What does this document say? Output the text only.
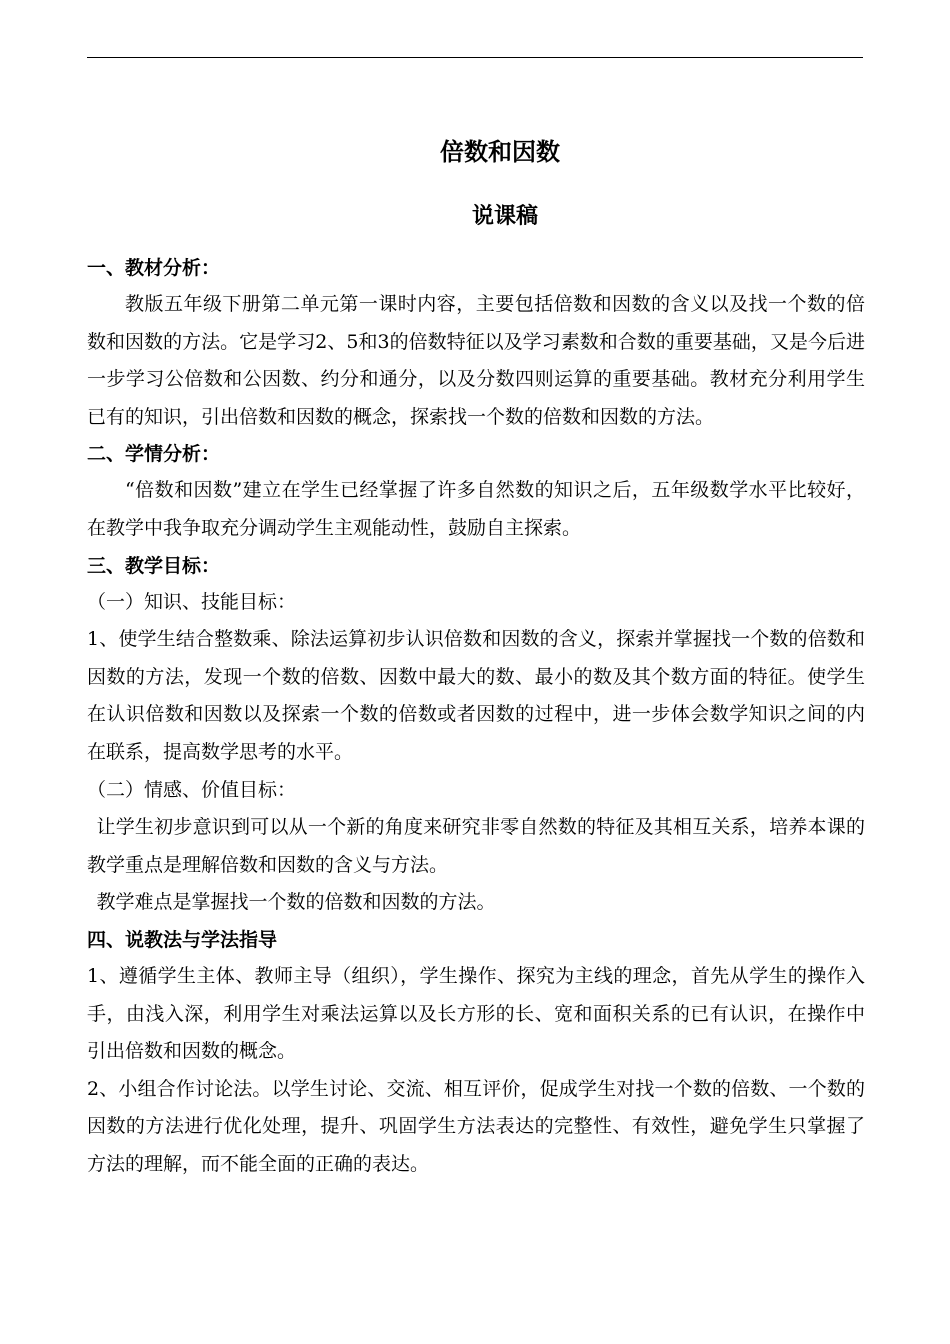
倍数和因数
说课稿
一、教材分析：
教版五年级下册第二单元第一课时内容，主要包括倍数和因数的含义以及找一个数的倍数和因数的方法。它是学习2、5和3的倍数特征以及学习素数和合数的重要基础，又是今后进一步学习公倍数和公因数、约分和通分，以及分数四则运算的重要基础。教材充分利用学生已有的知识，引出倍数和因数的概念，探索找一个数的倍数和因数的方法。
二、学情分析：
“倍数和因数”建立在学生已经掌握了许多自然数的知识之后，五年级数学水平比较好，在教学中我争取充分调动学生主观能动性，鼓励自主探索。
三、教学目标：
（一）知识、技能目标：
1、使学生结合整数乘、除法运算初步认识倍数和因数的含义，探索并掌握找一个数的倍数和因数的方法，发现一个数的倍数、因数中最大的数、最小的数及其个数方面的特征。使学生在认识倍数和因数以及探索一个数的倍数或者因数的过程中，进一步体会数学知识之间的内在联系，提高数学思考的水平。
（二）情感、价值目标：
让学生初步意识到可以从一个新的角度来研究非零自然数的特征及其相互关系，培养本课的教学重点是理解倍数和因数的含义与方法。
教学难点是掌握找一个数的倍数和因数的方法。
四、说教法与学法指导
1、遵循学生主体、教师主导（组织），学生操作、探究为主线的理念，首先从学生的操作入手，由浅入深，利用学生对乘法运算以及长方形的长、宽和面积关系的已有认识，在操作中引出倍数和因数的概念。
2、小组合作讨论法。以学生讨论、交流、相互评价，促成学生对找一个数的倍数、一个数的因数的方法进行优化处理，提升、巩固学生方法表达的完整性、有效性，避免学生只掌握了方法的理解，而不能全面的正确的表达。
